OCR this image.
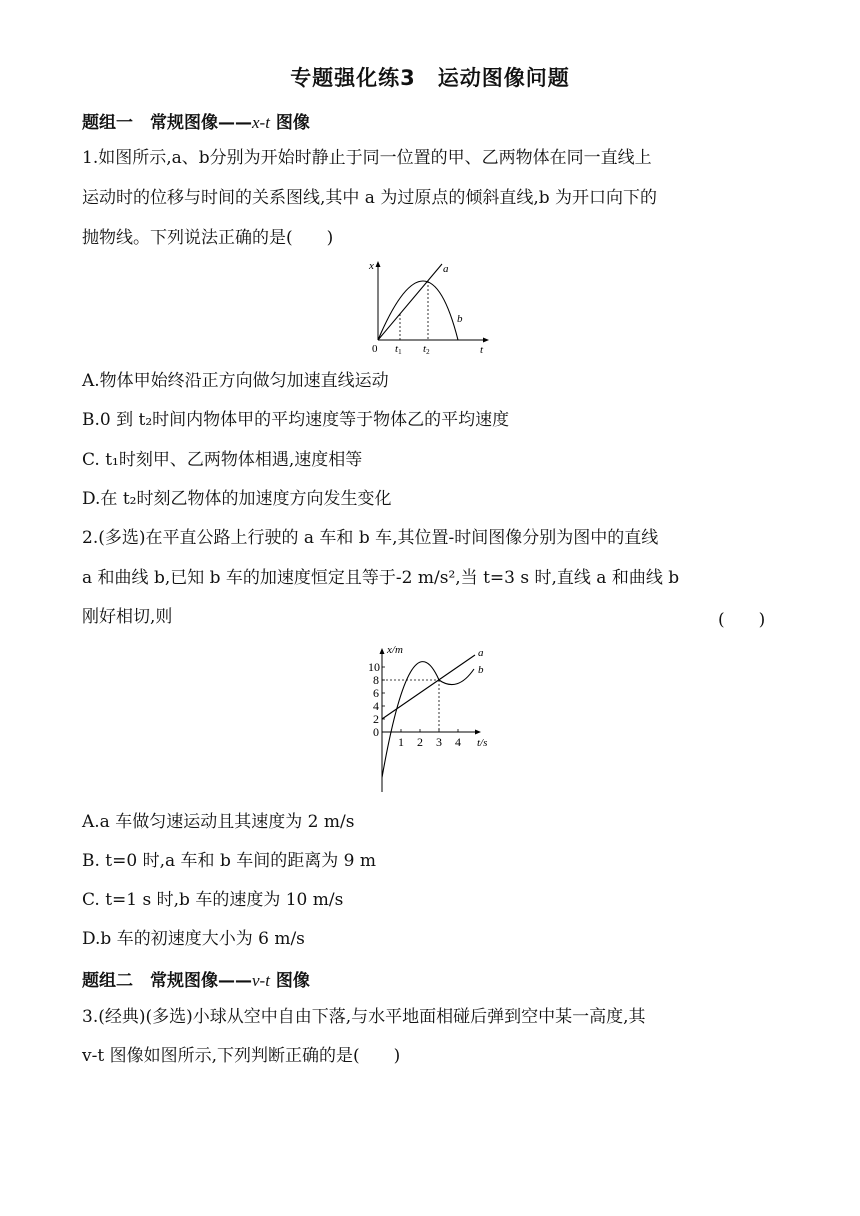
专题强化练3　运动图像问题
题组一　常规图像——x-t 图像
1.如图所示,a、b分别为开始时静止于同一位置的甲、乙两物体在同一直线上
运动时的位移与时间的关系图线,其中 a 为过原点的倾斜直线,b 为开口向下的
抛物线。下列说法正确的是(　　)
x
t
0 t1 t2
a
b
A.物体甲始终沿正方向做匀加速直线运动
B.0 到 t₂时间内物体甲的平均速度等于物体乙的平均速度
C. t₁时刻甲、乙两物体相遇,速度相等
D.在 t₂时刻乙物体的加速度方向发生变化
2.(多选)在平直公路上行驶的 a 车和 b 车,其位置-时间图像分别为图中的直线
a 和曲线 b,已知 b 车的加速度恒定且等于-2 m/s²,当 t=3 s 时,直线 a 和曲线 b
刚好相切,则	(　　)
10
8
6
4
2
0
1 2 3 4
x/m
t/s
a
b
A.a 车做匀速运动且其速度为 2 m/s
B. t=0 时,a 车和 b 车间的距离为 9 m
C. t=1 s 时,b 车的速度为 10 m/s
D.b 车的初速度大小为 6 m/s
题组二　常规图像——v-t 图像
3.(经典)(多选)小球从空中自由下落,与水平地面相碰后弹到空中某一高度,其
v-t 图像如图所示,下列判断正确的是(　　)
